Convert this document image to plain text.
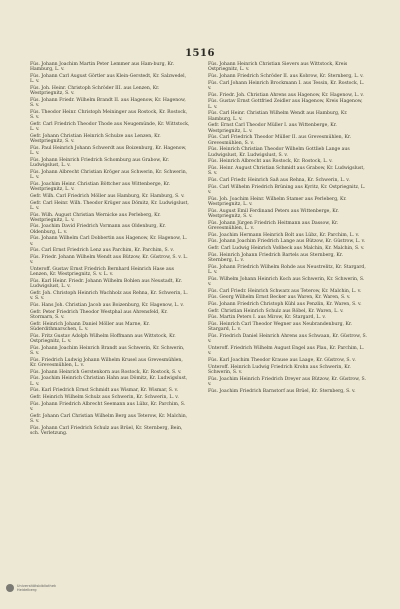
1516
Füs. Johann Joachim Martin Peter Lemmer aus Ham-burg, Kr. Hamburg, L. v.
Füs. Johann Carl August Görtler aus Klein-Gerstedt, Kr. Salzwedel, L. v.
Füs. Joh. Heinr. Christoph Schröder III. aus Lenzen, Kr. Westpriegnitz, S. v.
Füs. Johann Friedr. Wilhelm Brandt II. aus Hagenow, Kr. Hagenow, S. v.
Füs. Theodor Heinr. Christoph Meininger aus Rostock, Kr. Rostock, S. v.
Gefr. Carl Friedrich Theodor Thode aus Neugemünde, Kr. Wittstock, L. v.
Gefr. Johann Christian Heinrich Schulze aus Lenzen, Kr. Westpriegnitz, S. v.
Füs. Paul Heinrich Johann Schwerdt aus Boizenburg, Kr. Hagenow, L. v.
Füs. Johann Heinrich Friedrich Schomburg aus Grabow, Kr. Ludwigslust, L. v.
Füs. Johann Albrecht Christian Kröger aus Schwerin, Kr. Schwerin, L. v.
Füs. Joachim Heinr. Christian Böttcher aus Wittenberge, Kr. Westpriegnitz, L. v.
Gefr. Wilh. Carl Friedrich Möller aus Hamburg, Kr. Hamburg, S. v.
Gefr. Carl Heinr. Wilh. Theodor Krüger aus Dömitz, Kr. Ludwigslust, L. v.
Füs. Wilh. August Christian Wernicke aus Perleberg, Kr. Westpriegnitz, L. v.
Füs. Joachim David Friedrich Vormann aus Oldenburg, Kr. Oldenburg, L. v.
Füs. Johann Wilhelm Carl Dobbertin aus Hagenow, Kr. Hagenow, L. v.
Füs. Carl Ernst Friedrich Lenz aus Parchim, Kr. Parchim, S. v.
Füs. Friedr. Johann Wilhelm Wendt aus Bützow, Kr. Güstrow, S. v. L. v.
Unteroff. Gustav Ernst Friedrich Bernhard Heinrich Hase aus Lenzen, Kr. Westpriegnitz, S. v. L. v.
Füs. Karl Heinr. Friedr. Johann Wilhelm Bohlen aus Neustadt, Kr. Ludwigslust, L. v.
Gefr. Joh. Christoph Heinrich Wachholz aus Rehna, Kr. Schwerin, L. v. S. v.
Füs. Hans Joh. Christian Jacob aus Boizenburg, Kr. Hagenow, L. v.
Gefr. Peter Friedrich Theodor Westphal aus Ahrensfeld, Kr. Stormarn, S. v.
Gefr. Heinrich Johann Daniel Möller aus Marne, Kr. Süderdithmarschen, L. v.
Füs. Fritz Gustav Adolph Wilhelm Hoffmann aus Wittstock, Kr. Ostpriegnitz, L. v.
Füs. Johann Joachim Heinrich Brandt aus Schwerin, Kr. Schwerin, S. v.
Füs. Friedrich Ludwig Johann Wilhelm Krusel aus Grevesmühlen, Kr. Grevesmühlen, L. v.
Füs. Johann Heinrich Gerstenkorn aus Rostock, Kr. Rostock, S. v.
Füs. Joachim Heinrich Christian Hahn aus Dömitz, Kr. Ludwigslust, L. v.
Füs. Karl Friedrich Ernst Schmidt aus Wismar, Kr. Wismar, S. v.
Gefr. Heinrich Wilhelm Schulz aus Schwerin, Kr. Schwerin, L. v.
Füs. Johann Friedrich Albrecht Seemann aus Lübz, Kr. Parchim, S. v.
Gefr. Johann Carl Christian Wilhelm Berg aus Teterow, Kr. Malchin, S. v.
Füs. Johann Carl Friedrich Schulz aus Brüel, Kr. Sternberg, Bein, sch. Verletzung.
Füs. Johann Heinrich Christian Sievers aus Wittstock, Kreis Ostpriegnitz, L. v.
Füs. Johann Friedrich Schröder II. aus Kobrow, Kr. Sternberg, L. v.
Füs. Carl Johann Heinrich Brockmann I. aus Tessin, Kr. Rostock, L. v.
Füs. Friedr. Joh. Christian Ahrens aus Hagenow, Kr. Hagenow, L. v.
Füs. Gustav Ernst Gottfried Zeidler aus Hagenow, Kreis Hagenow, L. v.
Füs. Carl Heinr. Christian Wilhelm Wendt aus Hamburg, Kr. Hamburg, L. v.
Gefr. Ernst Carl Theodor Müller I. aus Wittenberge, Kr. Westpriegnitz, L. v.
Füs. Carl Friedrich Theodor Müller II. aus Grevesmühlen, Kr. Grevesmühlen, S. v.
Füs. Heinrich Christian Theodor Wilhelm Gottlieb Lange aus Ludwigslust, Kr. Ludwigslust, S. v.
Füs. Heinrich Albrecht aus Rostock, Kr. Rostock, L. v.
Füs. Heinr. August Christian Schmidt aus Grabow, Kr. Ludwigslust, S. v.
Füs. Carl Friedr. Heinrich Saß aus Rehna, Kr. Schwerin, L. v.
Füs. Carl Wilhelm Friedrich Brüning aus Kyritz, Kr. Ostpriegnitz, L. v.
Füs. Joh. Joachim Heinr. Wilhelm Stamer aus Perleberg, Kr. Westpriegnitz, L. v.
Füs. August Emil Ferdinand Peters aus Wittenberge, Kr. Westpriegnitz, S. v.
Füs. Johann Jürgen Friedrich Heitmann aus Dassow, Kr. Grevesmühlen, L. v.
Füs. Joachim Hermann Heinrich Bolt aus Lübz, Kr. Parchim, L. v.
Füs. Johann Joachim Friedrich Lange aus Bützow, Kr. Güstrow, L. v.
Gefr. Carl Ludwig Heinrich Voßbeck aus Malchin, Kr. Malchin, S. v.
Füs. Heinrich Johann Friedrich Bartels aus Sternberg, Kr. Sternberg, L. v.
Füs. Johann Friedrich Wilhelm Rohde aus Neustrelitz, Kr. Stargard, L. v.
Füs. Wilhelm Johann Heinrich Koch aus Schwerin, Kr. Schwerin, S. v.
Füs. Carl Friedr. Heinrich Schwarz aus Teterow, Kr. Malchin, L. v.
Füs. Georg Wilhelm Ernst Becker aus Waren, Kr. Waren, S. v.
Füs. Johann Friedrich Christoph Kühl aus Penzlin, Kr. Waren, S. v.
Gefr. Christian Heinrich Schulz aus Röbel, Kr. Waren, L. v.
Füs. Martin Peters I. aus Mirow, Kr. Stargard, L. v.
Füs. Heinrich Carl Theodor Wegner aus Neubrandenburg, Kr. Stargard, L. v.
Füs. Friedrich Daniel Heinrich Ahrens aus Schwaan, Kr. Güstrow, S. v.
Unteroff. Friedrich Wilhelm August Engel aus Plau, Kr. Parchim, L. v.
Füs. Karl Joachim Theodor Krause aus Laage, Kr. Güstrow, S. v.
Unteroff. Heinrich Ludwig Friedrich Krohn aus Schwerin, Kr. Schwerin, S. v.
Füs. Joachim Heinrich Friedrich Dreyer aus Bützow, Kr. Güstrow, S. v.
Füs. Joachim Friedrich Barnstorf aus Brüel, Kr. Sternberg, S. v.
Universitätsbibliothek Heidelberg
